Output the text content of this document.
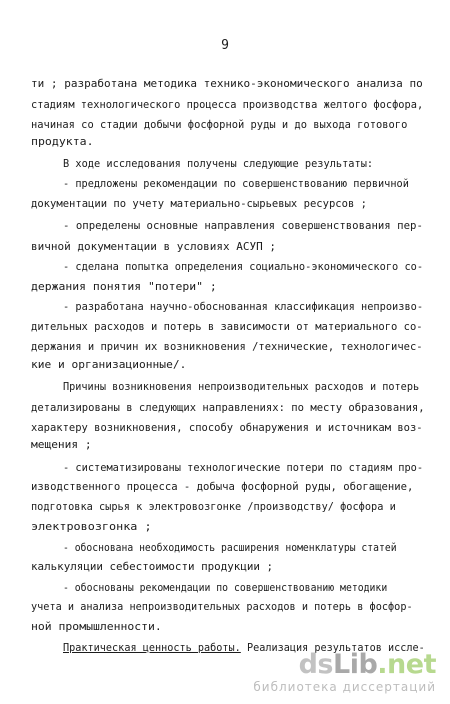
9
ти ; разработана методика технико-экономического анализа по
стадиям технологического процесса производства желтого фосфора,
начиная со стадии добычи фосфорной руды и до выхода готового
продукта.
В ходе исследования получены следующие результаты:
- предложены рекомендации по совершенствованию первичной
документации по учету материально-сырьевых ресурсов ;
- определены основные направления совершенствования пер-
вичной документации в условиях АСУП ;
- сделана попытка определения социально-экономического со-
держания понятия "потери" ;
- разработана научно-обоснованная классификация непроизво-
дительных расходов и потерь в зависимости от материального со-
держания и причин их возникновения /технические, технологичес-
кие и организационные/.
Причины возникновения непроизводительных расходов и потерь
детализированы в следующих направлениях: по месту образования,
характеру возникновения, способу обнаружения и источникам воз-
мещения ;
- систематизированы технологические потери по стадиям про-
изводственного процесса - добыча фосфорной руды, обогащение,
подготовка сырья к электровозгонке /производству/ фосфора и
электровозгонка ;
- обоснована необходимость расширения номенклатуры статей
калькуляции себестоимости продукции ;
- обоснованы рекомендации по совершенствованию методики
учета и анализа непроизводительных расходов и потерь в фосфор-
ной промышленности.
Практическая ценность работы. Реализация результатов иссле-
dsLib.net
библиотека диссертаций
